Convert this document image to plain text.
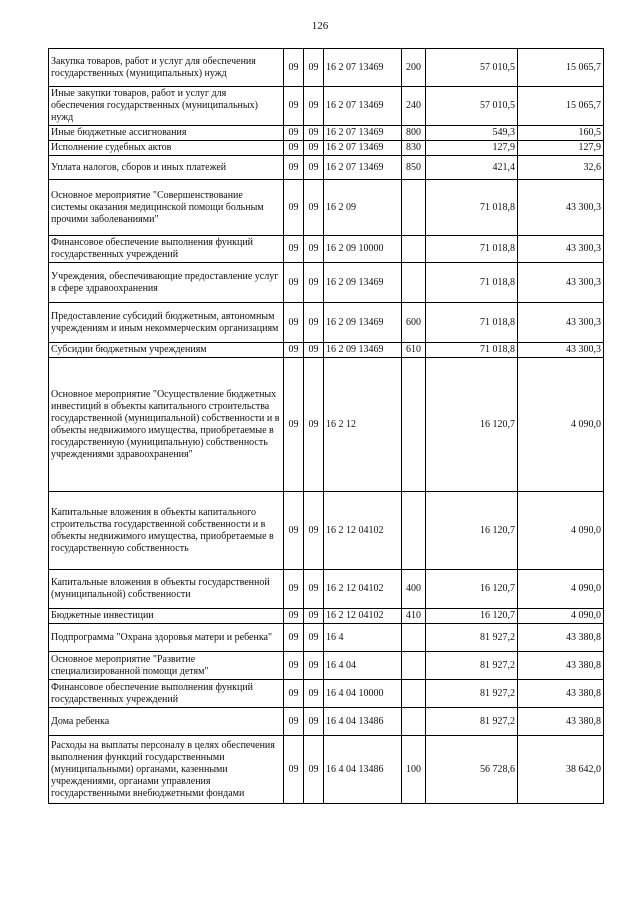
126
Закупка товаров, работ и услуг для обеспечения государственных (муниципальных) нужд	09	09	16 2 07 13469	200	57 010,5	15 065,7
Иные закупки товаров, работ и услуг для обеспечения государственных (муниципальных) нужд	09	09	16 2 07 13469	240	57 010,5	15 065,7
Иные бюджетные ассигнования	09	09	16 2 07 13469	800	549,3	160,5
Исполнение судебных актов	09	09	16 2 07 13469	830	127,9	127,9
Уплата налогов, сборов и иных платежей	09	09	16 2 07 13469	850	421,4	32,6
Основное мероприятие "Совершенствование системы оказания медицинской помощи больным прочими заболеваниями"	09	09	16 2 09		71 018,8	43 300,3
Финансовое обеспечение выполнения функций государственных учреждений	09	09	16 2 09 10000		71 018,8	43 300,3
Учреждения, обеспечивающие предоставление услуг в сфере здравоохранения	09	09	16 2 09 13469		71 018,8	43 300,3
Предоставление субсидий бюджетным, автономным учреждениям и иным некоммерческим организациям	09	09	16 2 09 13469	600	71 018,8	43 300,3
Субсидии бюджетным учреждениям	09	09	16 2 09 13469	610	71 018,8	43 300,3
Основное мероприятие "Осуществление бюджетных инвестиций в объекты капитального строительства государственной (муниципальной) собственности и в объекты недвижимого имущества, приобретаемые в государственную (муниципальную) собственность учреждениями здравоохранения"	09	09	16 2 12		16 120,7	4 090,0
Капитальные вложения в объекты капитального строительства государственной собственности и в объекты недвижимого имущества, приобретаемые в государственную собственность	09	09	16 2 12 04102		16 120,7	4 090,0
Капитальные вложения в объекты государственной (муниципальной) собственности	09	09	16 2 12 04102	400	16 120,7	4 090,0
Бюджетные инвестиции	09	09	16 2 12 04102	410	16 120,7	4 090,0
Подпрограмма "Охрана здоровья матери и ребенка"	09	09	16 4		81 927,2	43 380,8
Основное мероприятие "Развитие специализированной помощи детям"	09	09	16 4 04		81 927,2	43 380,8
Финансовое обеспечение выполнения функций государственных учреждений	09	09	16 4 04 10000		81 927,2	43 380,8
Дома ребенка	09	09	16 4 04 13486		81 927,2	43 380,8
Расходы на выплаты персоналу в целях обеспечения выполнения функций государственными (муниципальными) органами, казенными учреждениями, органами управления государственными внебюджетными фондами	09	09	16 4 04 13486	100	56 728,6	38 642,0
